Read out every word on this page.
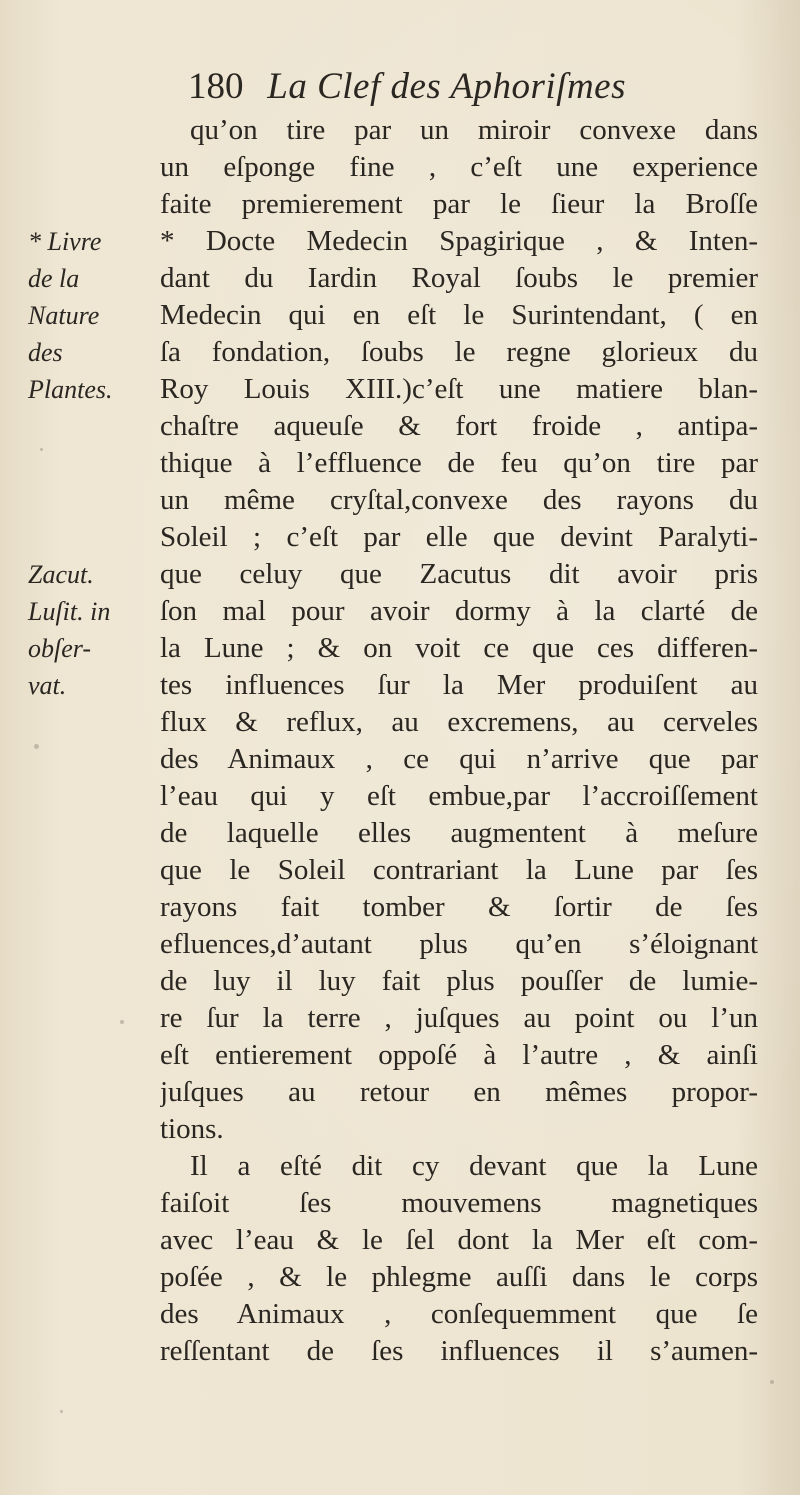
180 La Clef des Aphoriſmes
qu’on tire par un miroir convexe dans
un eſponge fine , c’eſt une experience
faite premierement par le ſieur la Broſſe
* Docte Medecin Spagirique , & Inten-
dant du Iardin Royal ſoubs le premier
Medecin qui en eſt le Surintendant, ( en
ſa fondation, ſoubs le regne glorieux du
Roy Louis XIII.)c’eſt une matiere blan-
chaſtre aqueuſe & fort froide , antipa-
thique à l’effluence de feu qu’on tire par
un même cryſtal,convexe des rayons du
Soleil ; c’eſt par elle que devint Paralyti-
que celuy que Zacutus dit avoir pris
ſon mal pour avoir dormy à la clarté de
la Lune ; & on voit ce que ces differen-
tes influences ſur la Mer produiſent au
flux & reflux, au excremens, au cerveles
des Animaux , ce qui n’arrive que par
l’eau qui y eſt embue,par l’accroiſſement
de laquelle elles augmentent à meſure
que le Soleil contrariant la Lune par ſes
rayons fait tomber & ſortir de ſes
efluences,d’autant plus qu’en s’éloignant
de luy il luy fait plus pouſſer de lumie-
re ſur la terre , juſques au point ou l’un
eſt entierement oppoſé à l’autre , & ainſi
juſques au retour en mêmes propor-
tions.
Il a eſté dit cy devant que la Lune
faiſoit ſes mouvemens magnetiques
avec l’eau & le ſel dont la Mer eſt com-
poſée , & le phlegme auſſi dans le corps
des Animaux , conſequemment que ſe
reſſentant de ſes influences il s’aumen-
* Livre
de la
Nature
des
Plantes.
Zacut.
Luſit. in
obſer-
vat.
